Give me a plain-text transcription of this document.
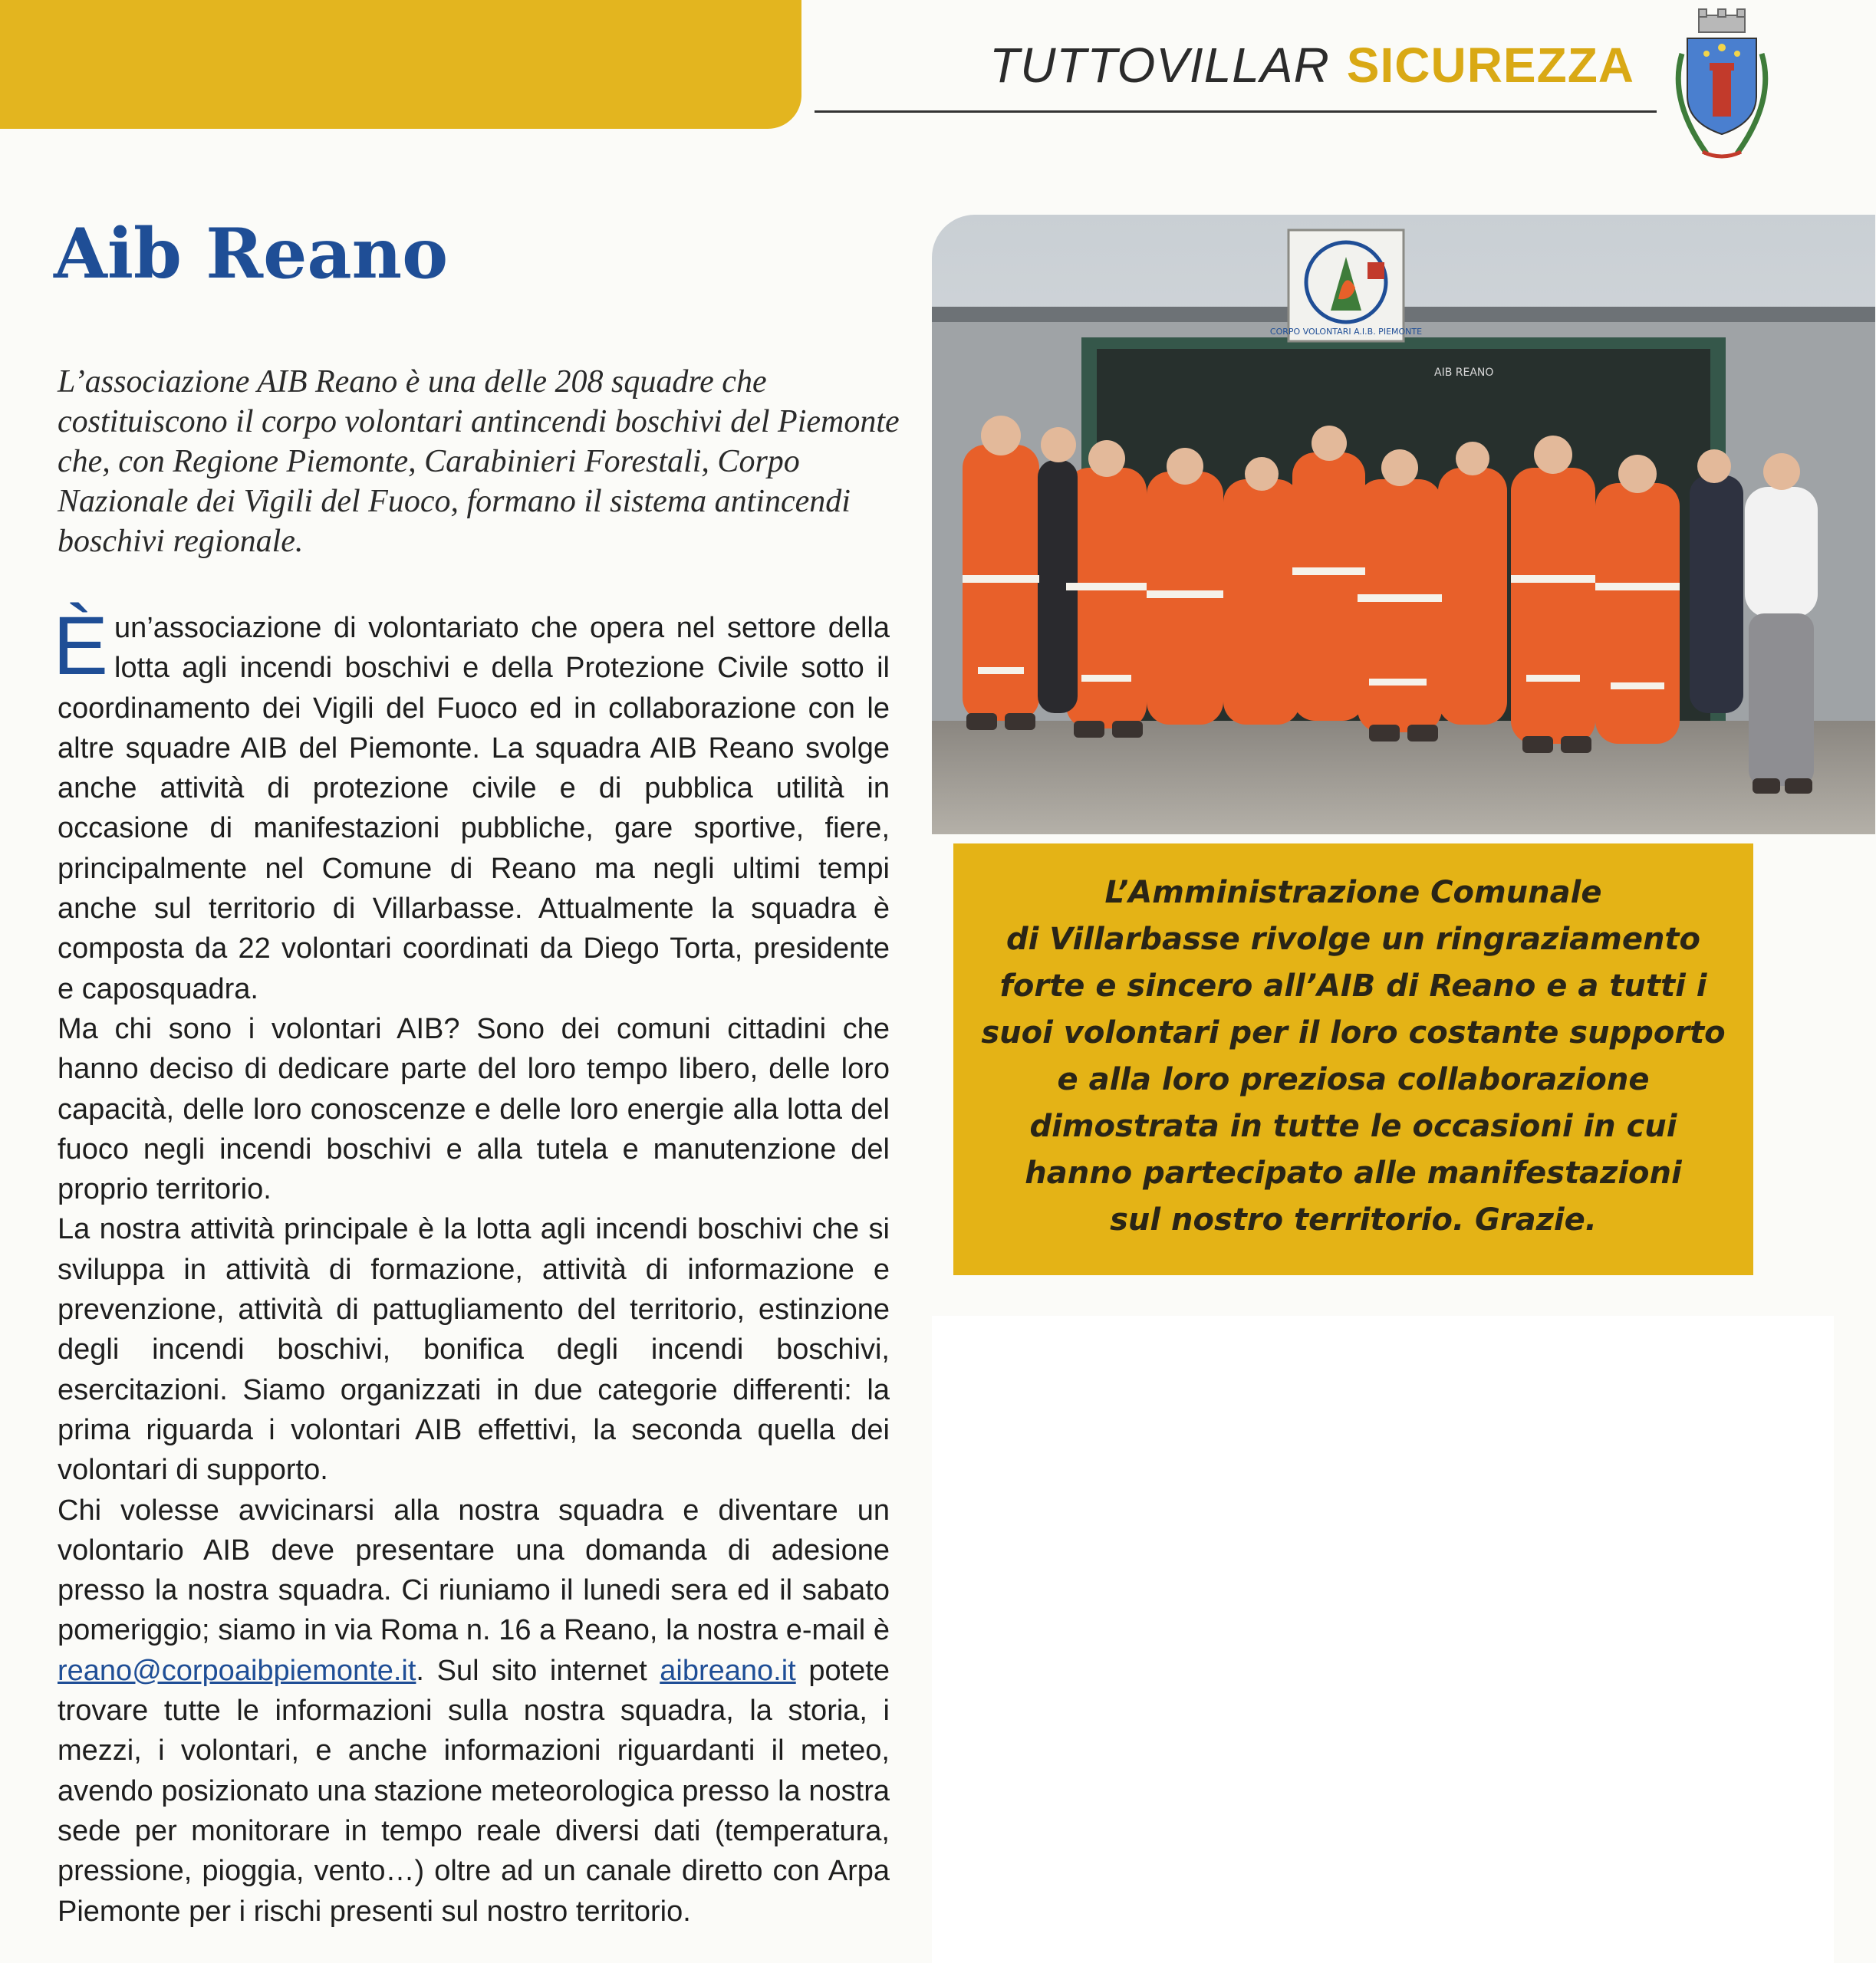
TUTTOVILLAR SICUREZZA
Aib Reano

L’associazione AIB Reano è una delle 208 squadre che costituiscono il corpo volontari antincendi boschivi del Piemonte che, con Regione Piemonte, Carabinieri Forestali, Corpo Nazionale dei Vigili del Fuoco, formano il sistema antincendi boschivi regionale.

Èun’associazione di volontariato che opera nel settore della lotta agli incendi boschivi e della Protezione Civile sotto il coordinamento dei Vigili del Fuoco ed in collaborazione con le altre squadre AIB del Piemonte. La squadra AIB Reano svolge anche attività di protezione civile e di pubblica utilità in occasione di manifestazioni pubbliche, gare sportive, fiere, principalmente nel Comune di Reano ma negli ultimi tempi anche sul territorio di Villarbasse. Attualmente la squadra è composta da 22 volontari coordinati da Diego Torta, presidente e caposquadra.

Ma chi sono i volontari AIB? Sono dei comuni cittadini che hanno deciso di dedicare parte del loro tempo libero, delle loro capacità, delle loro conoscenze e delle loro energie alla lotta del fuoco negli incendi boschivi e alla tutela e manutenzione del proprio territorio.

La nostra attività principale è la lotta agli incendi boschivi che si sviluppa in attività di formazione, attività di informazione e prevenzione, attività di pattugliamento del territorio, estinzione degli incendi boschivi, bonifica degli incendi boschivi, esercitazioni. Siamo organizzati in due categorie differenti: la prima riguarda i volontari AIB effettivi, la seconda quella dei volontari di supporto.

Chi volesse avvicinarsi alla nostra squadra e diventare un volontario AIB deve presentare una domanda di adesione presso la nostra squadra. Ci riuniamo il lunedi sera ed il sabato pomeriggio; siamo in via Roma n. 16 a Reano, la nostra e-mail è reano@corpoaibpiemonte.it. Sul sito internet aibreano.it potete trovare tutte le informazioni sulla nostra squadra, la storia, i mezzi, i volontari, e anche informazioni riguardanti il meteo, avendo posizionato una stazione meteorologica presso la nostra sede per monitorare in tempo reale diversi dati (temperatura, pressione, pioggia, vento…) oltre ad un canale diretto con Arpa Piemonte per i rischi presenti sul nostro territorio.

CORPO VOLONTARI A.I.B. PIEMONTE
AIB REANO
L’Amministrazione Comunale
di Villarbasse rivolge un ringraziamento
forte e sincero all’AIB di Reano e a tutti i
suoi volontari per il loro costante supporto
e alla loro preziosa collaborazione
dimostrata in tutte le occasioni in cui
hanno partecipato alle manifestazioni
sul nostro territorio. Grazie.
